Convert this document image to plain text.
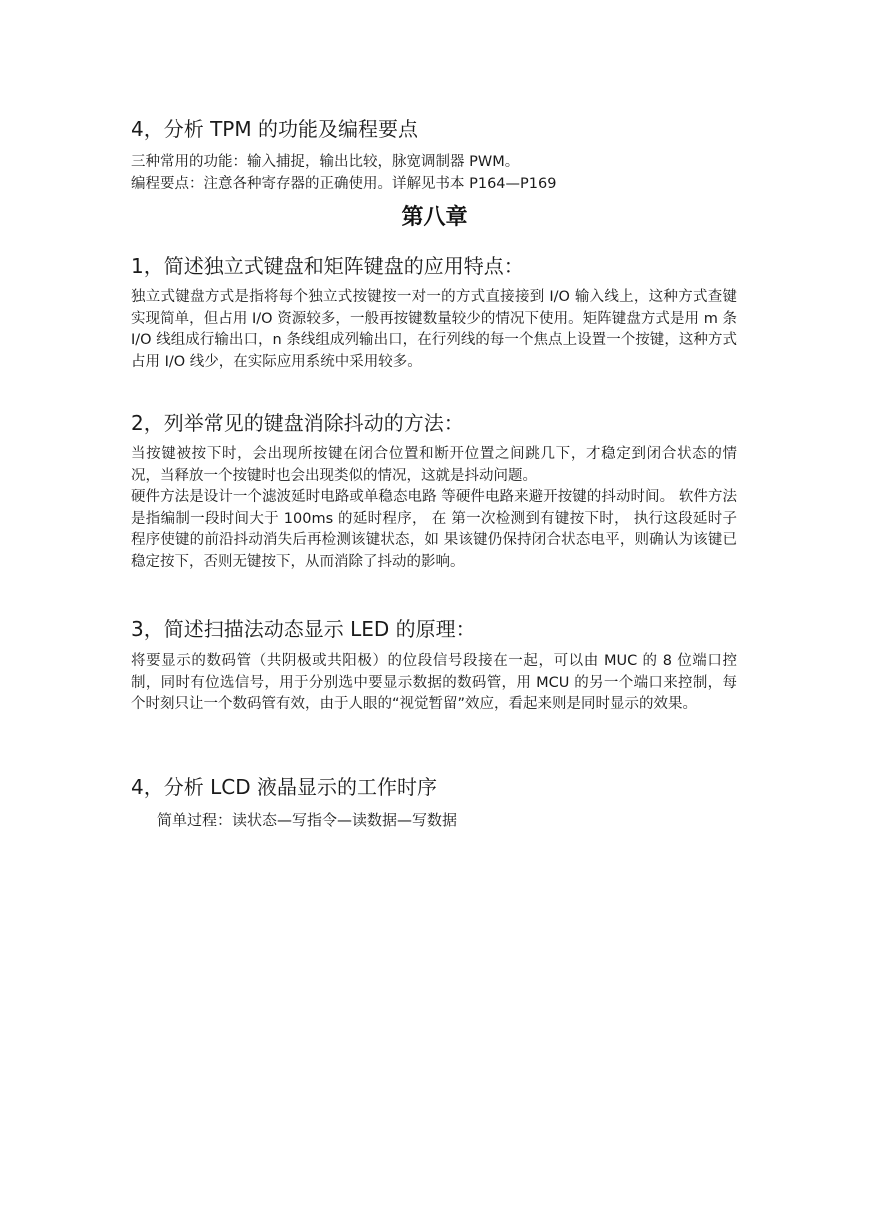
4，分析 TPM 的功能及编程要点
三种常用的功能：输入捕捉，输出比较，脉宽调制器 PWM。
编程要点：注意各种寄存器的正确使用。详解见书本 P164—P169
第八章
1，简述独立式键盘和矩阵键盘的应用特点：

独立式键盘方式是指将每个独立式按键按一对一的方式直接接到 I/O 输入线上，这种方式查键实现简单，但占用 I/O 资源较多，一般再按键数量较少的情况下使用。矩阵键盘方式是用 m 条 I/O 线组成行输出口，n 条线组成列输出口，在行列线的每一个焦点上设置一个按键，这种方式占用 I/O 线少，在实际应用系统中采用较多。

2，列举常见的键盘消除抖动的方法：

当按键被按下时，会出现所按键在闭合位置和断开位置之间跳几下，才稳定到闭合状态的情况，当释放一个按键时也会出现类似的情况，这就是抖动问题。

硬件方法是设计一个滤波延时电路或单稳态电路 等硬件电路来避开按键的抖动时间。 软件方法是指编制一段时间大于 100ms 的延时程序， 在 第一次检测到有键按下时， 执行这段延时子程序使键的前沿抖动消失后再检测该键状态，如 果该键仍保持闭合状态电平，则确认为该键已稳定按下，否则无键按下，从而消除了抖动的影响。

3，简述扫描法动态显示 LED 的原理：

将要显示的数码管（共阴极或共阳极）的位段信号段接在一起，可以由 MUC 的 8 位端口控制，同时有位选信号，用于分别选中要显示数据的数码管，用 MCU 的另一个端口来控制，每个时刻只让一个数码管有效，由于人眼的“视觉暂留”效应，看起来则是同时显示的效果。

4，分析 LCD 液晶显示的工作时序
简单过程：读状态—写指令—读数据—写数据
